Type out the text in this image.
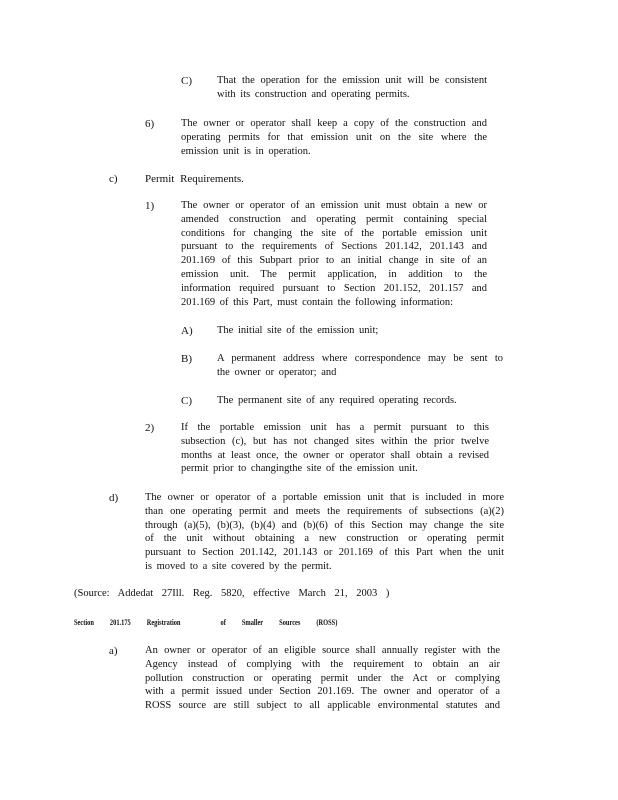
C) That the operation for the emission unit will be consistent
with its construction and operating permits.
6)	The owner or operator shall keep a copy of the construction and
operating permits for that emission unit on the site where the
emission unit is in operation.
c) Permit Requirements.
1)	The owner or operator of an emission unit must obtain a new or
amended construction and operating permit containing special
conditions for changing the site of the portable emission unit
pursuant to the requirements of Sections 201.142, 201.143 and
201.169 of this Subpart prior to an initial change in site of an
emission unit. The permit application, in addition to the
information required pursuant to Section 201.152, 201.157 and
201.169 of this Part, must contain the following information:
A) The initial site of the emission unit;
B) A permanent address where correspondence may be sent to
the owner or operator; and
C) The permanent site of any required operating records.
2)	If the portable emission unit has a permit pursuant to this
subsection (c), but has not changed sites within the prior twelve
months at least once, the owner or operator shall obtain a revised
permit prior to changingthe site of the emission unit.
d)	The owner or operator of a portable emission unit that is included in more
than one operating permit and meets the requirements of subsections (a)(2)
through (a)(5), (b)(3), (b)(4) and (b)(6) of this Section may change the site
of the unit without obtaining a new construction or operating permit
pursuant to Section 201.142, 201.143 or 201.169 of this Part when the unit
is moved to a site covered by the permit.
(Source: Addedat 27Ill. Reg. 5820, effective March 21, 2003 )
Section 201.175 Registration	of Smaller Sources (ROSS)
a)	An owner or operator of an eligible source shall annually register with the
Agency instead of complying with the requirement to obtain an air
pollution construction or operating permit under the Act or complying
with a permit issued under Section 201.169. The owner and operator of a
ROSS source are still subject to all applicable environmental statutes and
